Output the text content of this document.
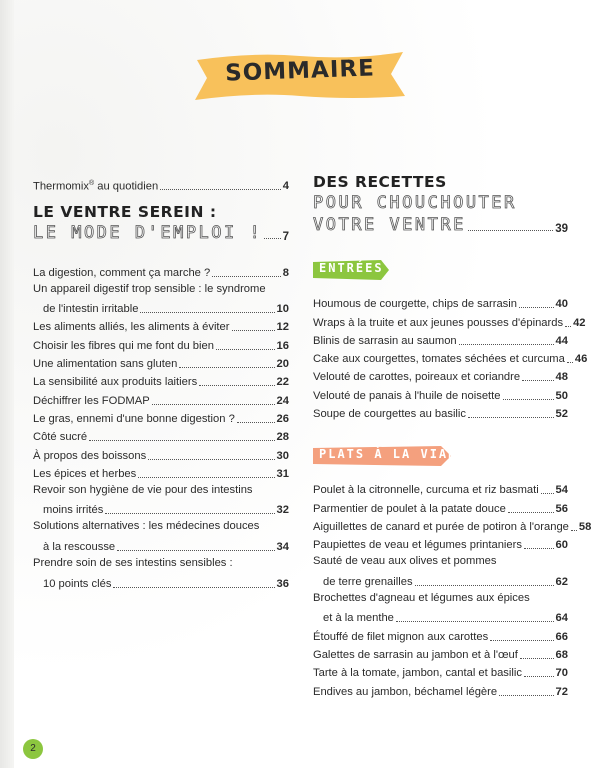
SOMMAIRE
Thermomix® au quotidien	4
LE VENTRE SEREIN :
LE MODE D'EMPLOI ! 7
La digestion, comment ça marche ?	8
Un appareil digestif trop sensible : le syndrome
de l'intestin irritable	10
Les aliments alliés, les aliments à éviter	12
Choisir les fibres qui me font du bien	16
Une alimentation sans gluten	20
La sensibilité aux produits laitiers	22
Déchiffrer les FODMAP	24
Le gras, ennemi d'une bonne digestion ?	26
Côté sucré	28
À propos des boissons	30
Les épices et herbes	31
Revoir son hygiène de vie pour des intestins
moins irrités	32
Solutions alternatives : les médecines douces
à la rescousse	34
Prendre soin de ses intestins sensibles :
10 points clés	36
DES RECETTES
POUR CHOUCHOUTER
VOTRE VENTRE	39
ENTRÉES
Houmous de courgette, chips de sarrasin	40
Wraps à la truite et aux jeunes pousses d'épinards 42
Blinis de sarrasin au saumon	44
Cake aux courgettes, tomates séchées et curcuma 46
Velouté de carottes, poireaux et coriandre	48
Velouté de panais à l'huile de noisette	50
Soupe de courgettes au basilic	52
PLATS À LA VIANDE
Poulet à la citronnelle, curcuma et riz basmati 54
Parmentier de poulet à la patate douce	56
Aiguillettes de canard et purée de potiron à l'orange 58
Paupiettes de veau et légumes printaniers	60
Sauté de veau aux olives et pommes
de terre grenailles	62
Brochettes d'agneau et légumes aux épices
et à la menthe	64
Étouffé de filet mignon aux carottes	66
Galettes de sarrasin au jambon et à l'œuf	68
Tarte à la tomate, jambon, cantal et basilic	70
Endives au jambon, béchamel légère	72
2
